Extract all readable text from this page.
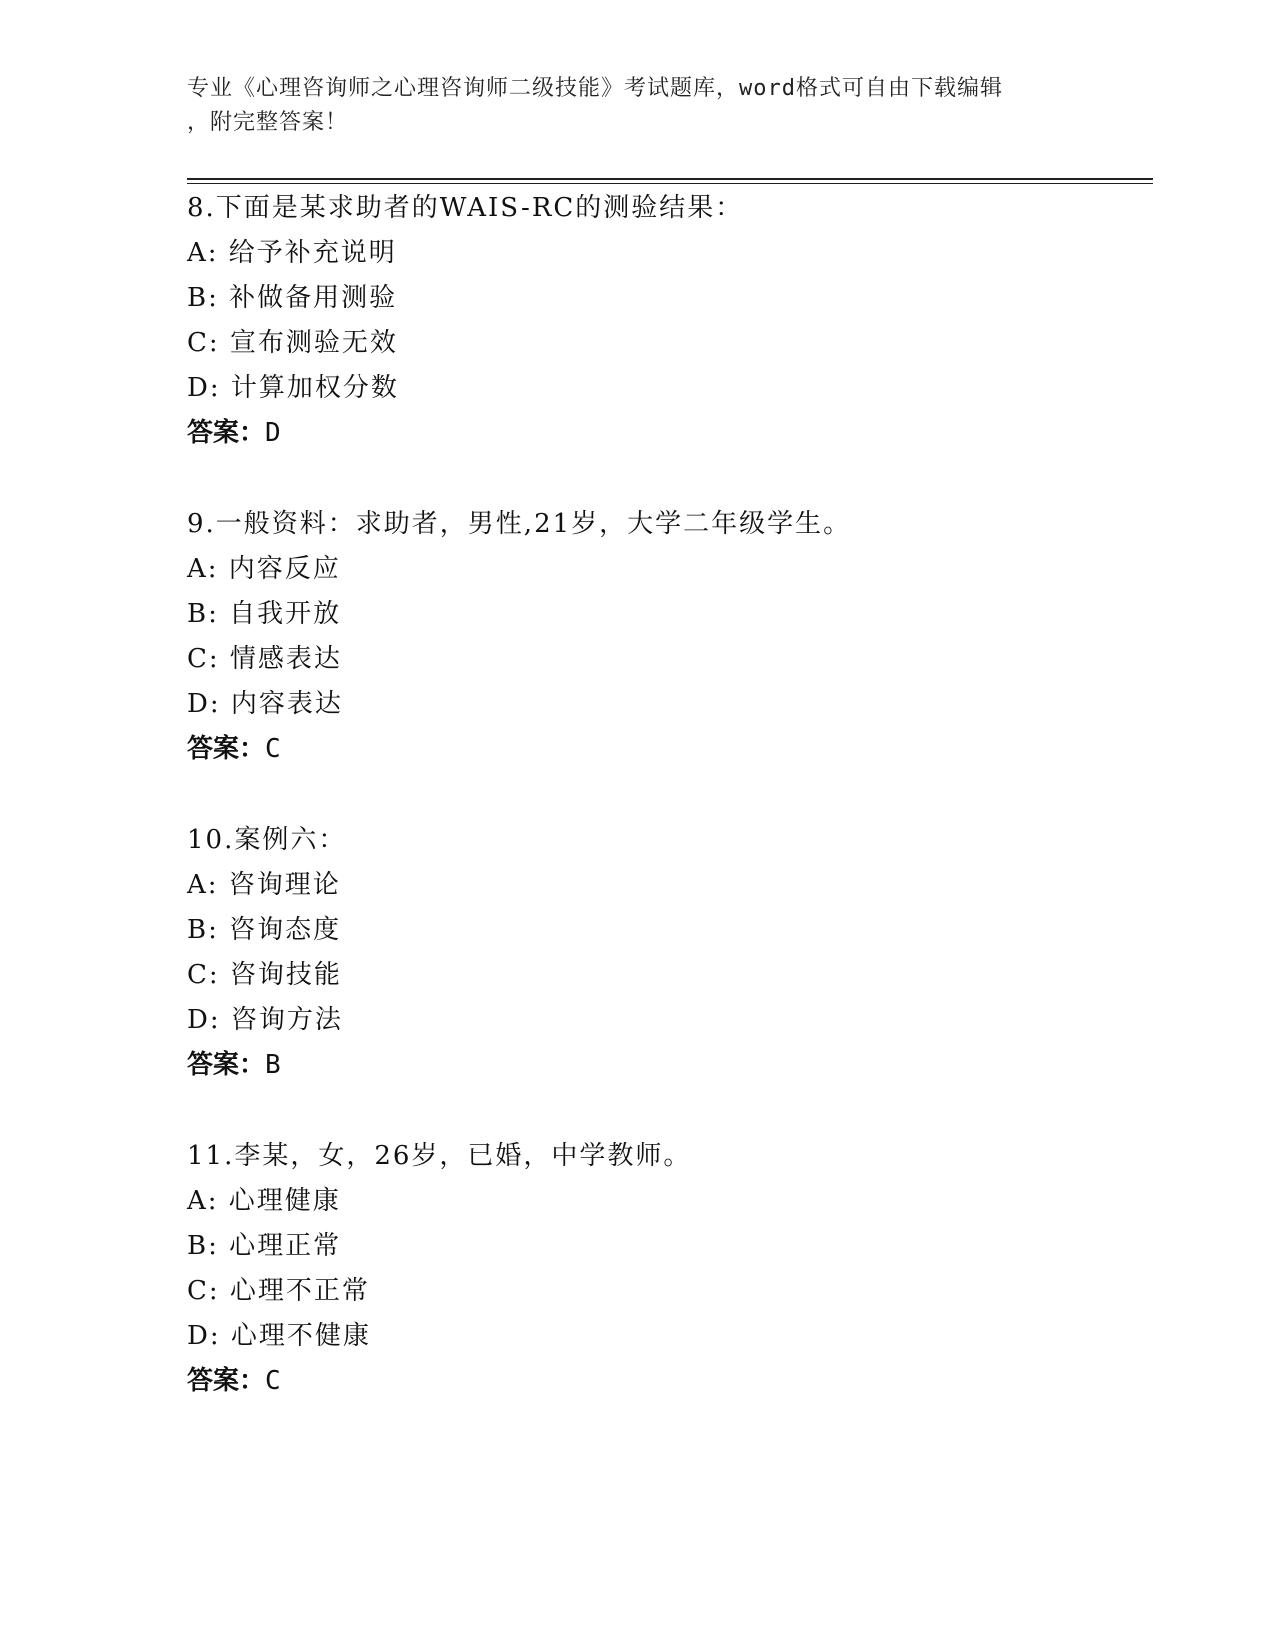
专业《心理咨询师之心理咨询师二级技能》考试题库，word格式可自由下载编辑
，附完整答案！
8.下面是某求助者的WAIS-RC的测验结果：
A: 给予补充说明
B: 补做备用测验
C: 宣布测验无效
D: 计算加权分数
答案：D
9.一般资料：求助者，男性,21岁，大学二年级学生。
A: 内容反应
B: 自我开放
C: 情感表达
D: 内容表达
答案：C
10.案例六：
A: 咨询理论
B: 咨询态度
C: 咨询技能
D: 咨询方法
答案：B
11.李某，女，26岁，已婚，中学教师。
A: 心理健康
B: 心理正常
C: 心理不正常
D: 心理不健康
答案：C
